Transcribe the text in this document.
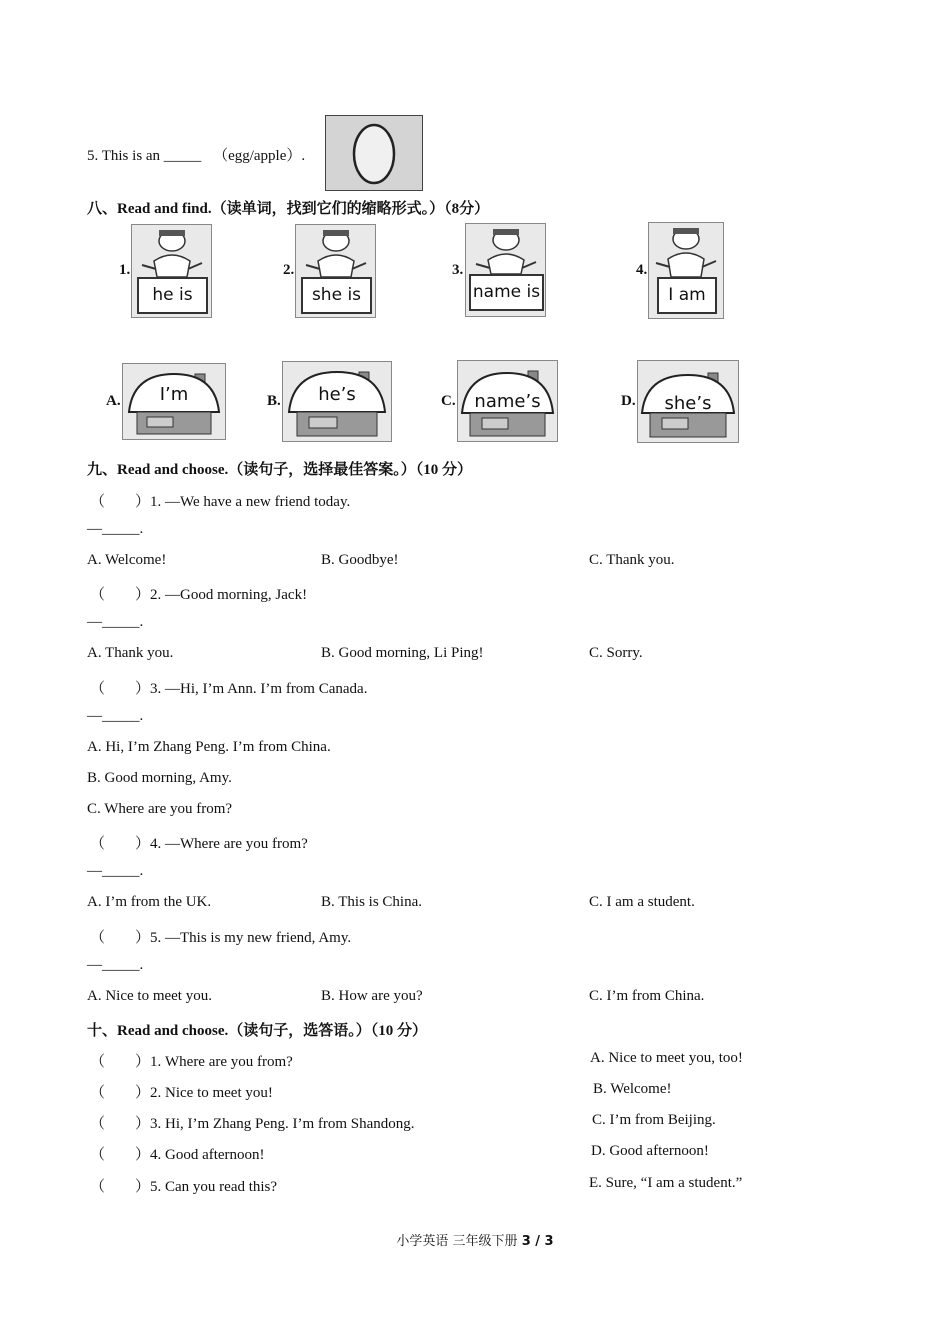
5. This is an _____ （egg/apple）.
八、Read and find.（读单词，找到它们的缩略形式。）（8分）
1.
he is
2.
she is
3.
name is
4.
I am
A.	I’m	B.	he’s	C.	name’s	D.	she’s
九、Read and choose.（读句子，选择最佳答案。）（10 分）
（　　）1. —We have a new friend today.
—_____.
A. Welcome!	B. Goodbye!	C. Thank you.
（　　）2. —Good morning, Jack!
—_____.
A. Thank you.	B. Good morning, Li Ping!	C. Sorry.
（　　）3. —Hi, I’m Ann. I’m from Canada.
—_____.
A. Hi, I’m Zhang Peng. I’m from China.
B. Good morning, Amy.
C. Where are you from?
（　　）4. —Where are you from?
—_____.
A. I’m from the UK.	B. This is China.	C. I am a student.
（　　）5. —This is my new friend, Amy.
—_____.
A. Nice to meet you.	B. How are you?	C. I’m from China.
十、Read and choose.（读句子，选答语。）（10 分）
（　　）1. Where are you from?
（　　）2. Nice to meet you!
（　　）3. Hi, I’m Zhang Peng. I’m from Shandong.
（　　）4. Good afternoon!
（　　）5. Can you read this?
A. Nice to meet you, too!
B. Welcome!
C. I’m from Beijing.
D. Good afternoon!
E. Sure, “I am a student.”
小学英语 三年级下册 3 / 3
